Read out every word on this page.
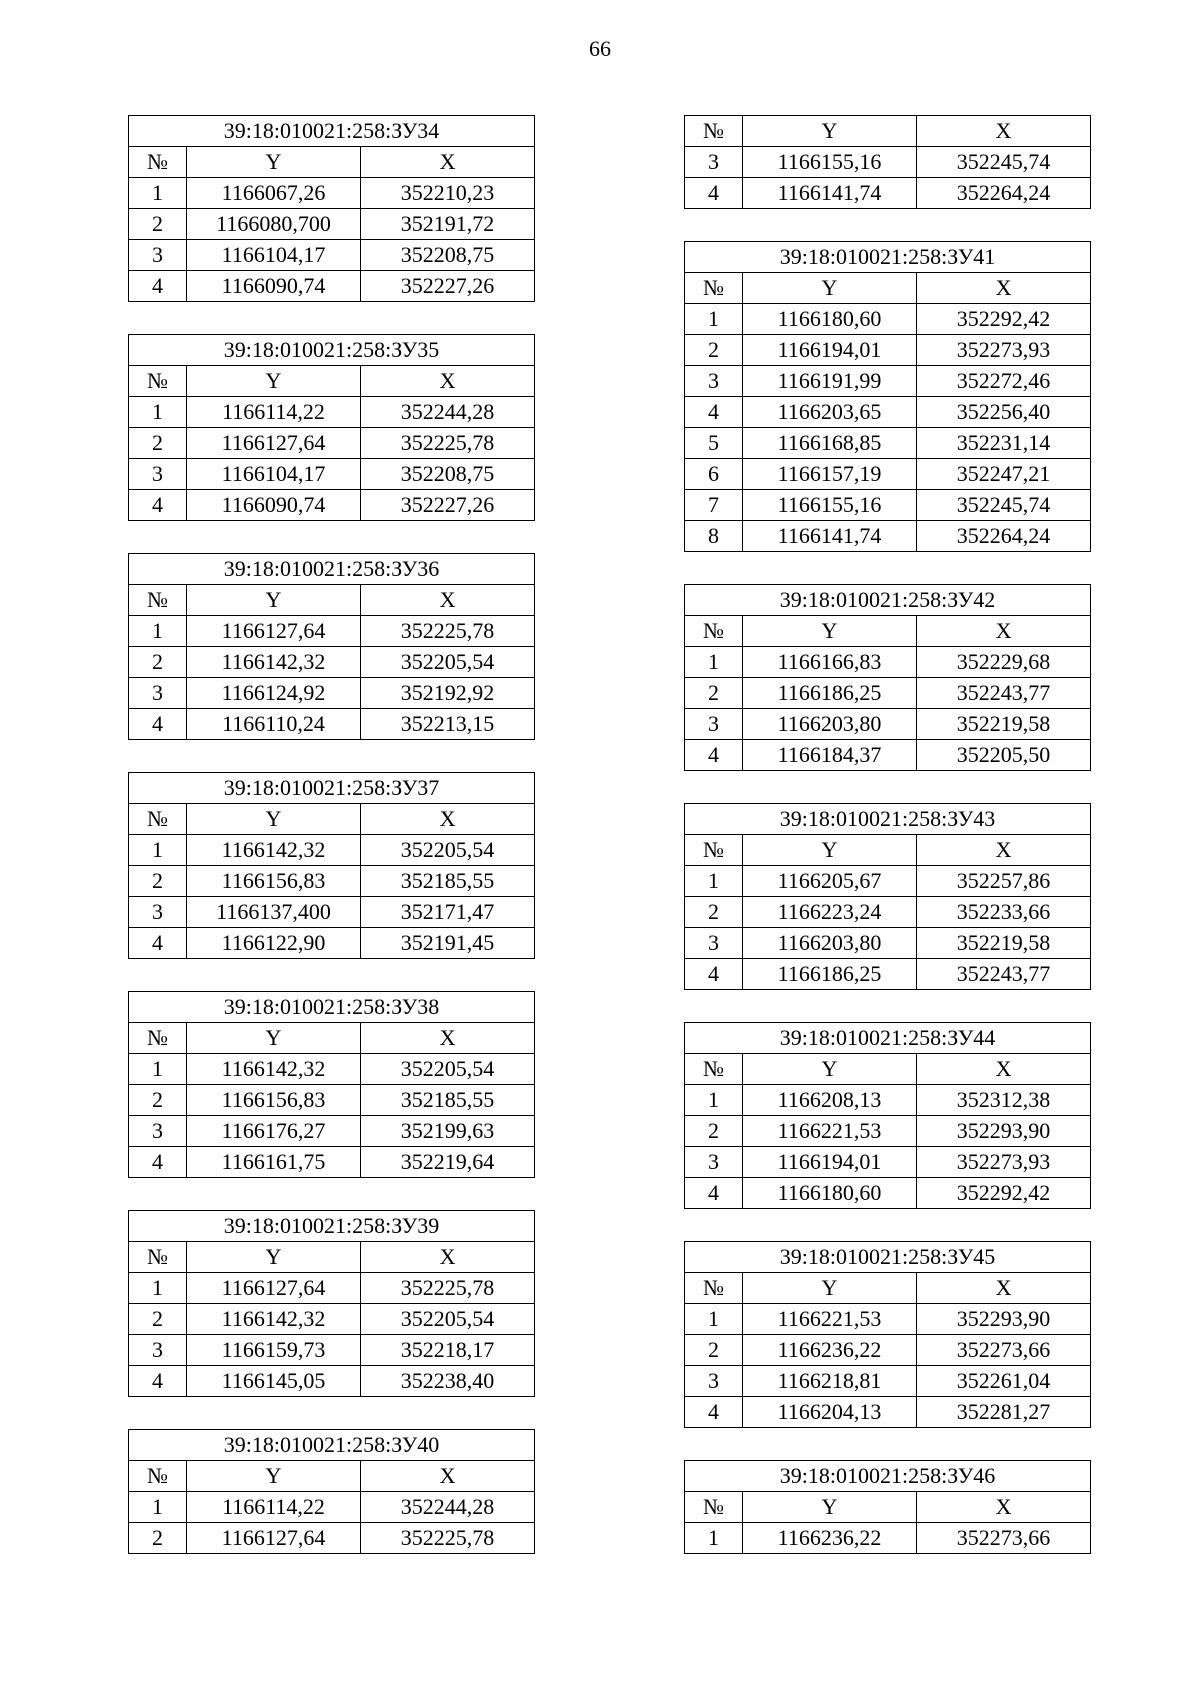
66
39:18:010021:258:ЗУ34		
№	Y	X
1	1166067,26	352210,23
2	1166080,700	352191,72
3	1166104,17	352208,75
4	1166090,74	352227,26
39:18:010021:258:ЗУ35		
№	Y	X
1	1166114,22	352244,28
2	1166127,64	352225,78
3	1166104,17	352208,75
4	1166090,74	352227,26
39:18:010021:258:ЗУ36		
№	Y	X
1	1166127,64	352225,78
2	1166142,32	352205,54
3	1166124,92	352192,92
4	1166110,24	352213,15
39:18:010021:258:ЗУ37		
№	Y	X
1	1166142,32	352205,54
2	1166156,83	352185,55
3	1166137,400	352171,47
4	1166122,90	352191,45
39:18:010021:258:ЗУ38		
№	Y	X
1	1166142,32	352205,54
2	1166156,83	352185,55
3	1166176,27	352199,63
4	1166161,75	352219,64
39:18:010021:258:ЗУ39		
№	Y	X
1	1166127,64	352225,78
2	1166142,32	352205,54
3	1166159,73	352218,17
4	1166145,05	352238,40
39:18:010021:258:ЗУ40		
№	Y	X
1	1166114,22	352244,28
2	1166127,64	352225,78
№	Y	X
3	1166155,16	352245,74
4	1166141,74	352264,24
39:18:010021:258:ЗУ41		
№	Y	X
1	1166180,60	352292,42
2	1166194,01	352273,93
3	1166191,99	352272,46
4	1166203,65	352256,40
5	1166168,85	352231,14
6	1166157,19	352247,21
7	1166155,16	352245,74
8	1166141,74	352264,24
39:18:010021:258:ЗУ42		
№	Y	X
1	1166166,83	352229,68
2	1166186,25	352243,77
3	1166203,80	352219,58
4	1166184,37	352205,50
39:18:010021:258:ЗУ43		
№	Y	X
1	1166205,67	352257,86
2	1166223,24	352233,66
3	1166203,80	352219,58
4	1166186,25	352243,77
39:18:010021:258:ЗУ44		
№	Y	X
1	1166208,13	352312,38
2	1166221,53	352293,90
3	1166194,01	352273,93
4	1166180,60	352292,42
39:18:010021:258:ЗУ45		
№	Y	X
1	1166221,53	352293,90
2	1166236,22	352273,66
3	1166218,81	352261,04
4	1166204,13	352281,27
39:18:010021:258:ЗУ46		
№	Y	X
1	1166236,22	352273,66
